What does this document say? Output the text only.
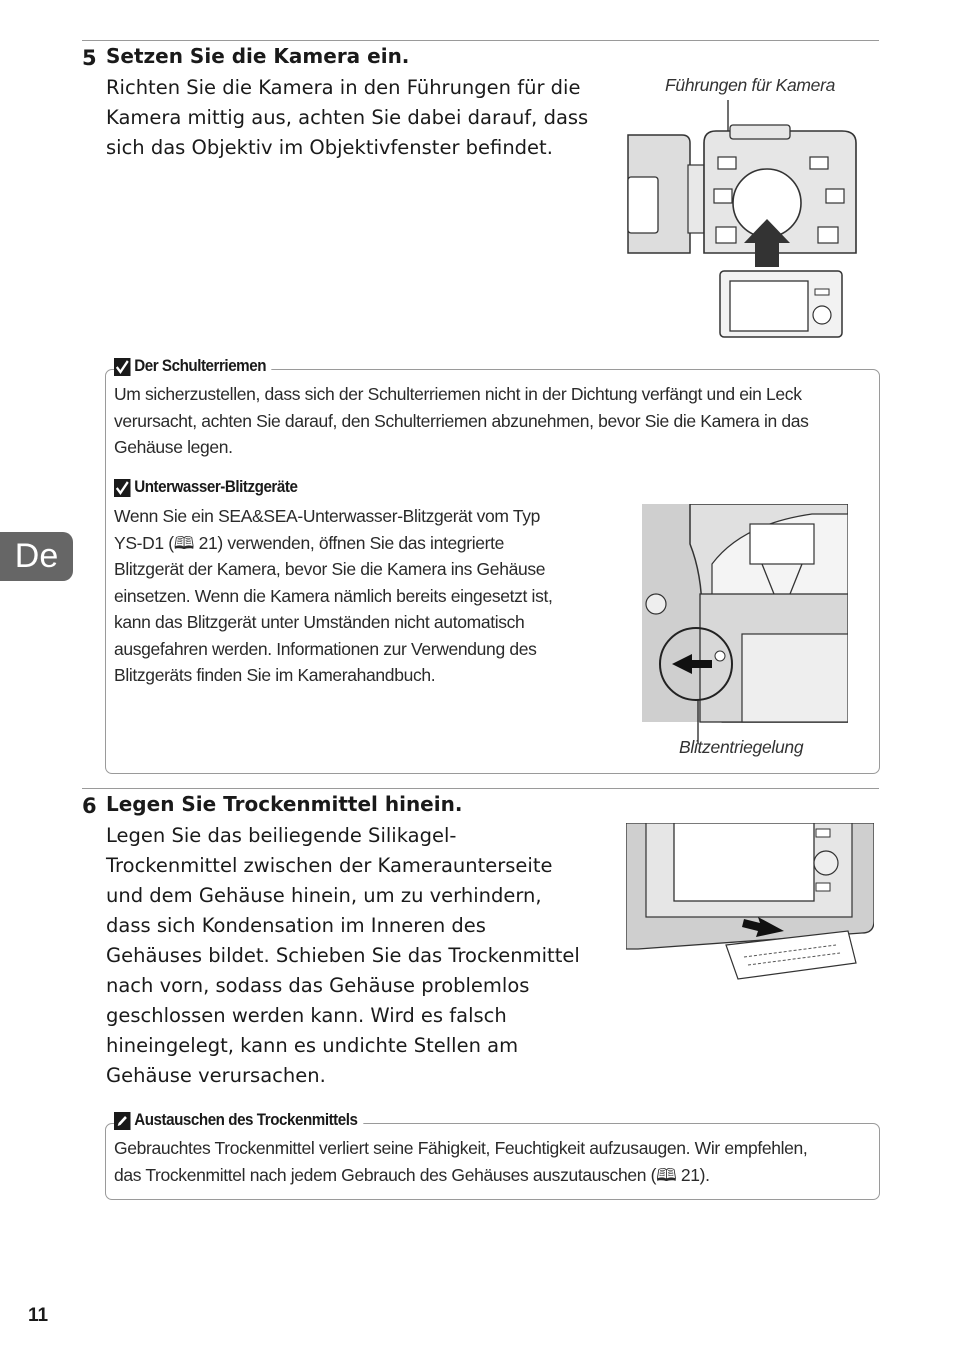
5 Setzen Sie die Kamera ein.
Richten Sie die Kamera in den Führungen für die
Kamera mittig aus, achten Sie dabei darauf, dass
sich das Objektiv im Objektivfenster befindet.
Führungen für Kamera
Der Schulterriemen
Um sicherzustellen, dass sich der Schulterriemen nicht in der Dichtung verfängt und ein Leck
verursacht, achten Sie darauf, den Schulterriemen abzunehmen, bevor Sie die Kamera in das
Gehäuse legen.
Unterwasser-Blitzgeräte
Wenn Sie ein SEA&SEA-Unterwasser-Blitzgerät vom Typ
YS-D1 (🕮 21) verwenden, öffnen Sie das integrierte
Blitzgerät der Kamera, bevor Sie die Kamera ins Gehäuse
einsetzen. Wenn die Kamera nämlich bereits eingesetzt ist,
kann das Blitzgerät unter Umständen nicht automatisch
ausgefahren werden. Informationen zur Verwendung des
Blitzgeräts finden Sie im Kamerahandbuch.
Blitzentriegelung
6 Legen Sie Trockenmittel hinein.
Legen Sie das beiliegende Silikagel-
Trockenmittel zwischen der Kameraunterseite
und dem Gehäuse hinein, um zu verhindern,
dass sich Kondensation im Inneren des
Gehäuses bildet. Schieben Sie das Trockenmittel
nach vorn, sodass das Gehäuse problemlos
geschlossen werden kann. Wird es falsch
hineingelegt, kann es undichte Stellen am
Gehäuse verursachen.
Austauschen des Trockenmittels
Gebrauchtes Trockenmittel verliert seine Fähigkeit, Feuchtigkeit aufzusaugen. Wir empfehlen,
das Trockenmittel nach jedem Gebrauch des Gehäuses auszutauschen (🕮 21).
De
11
